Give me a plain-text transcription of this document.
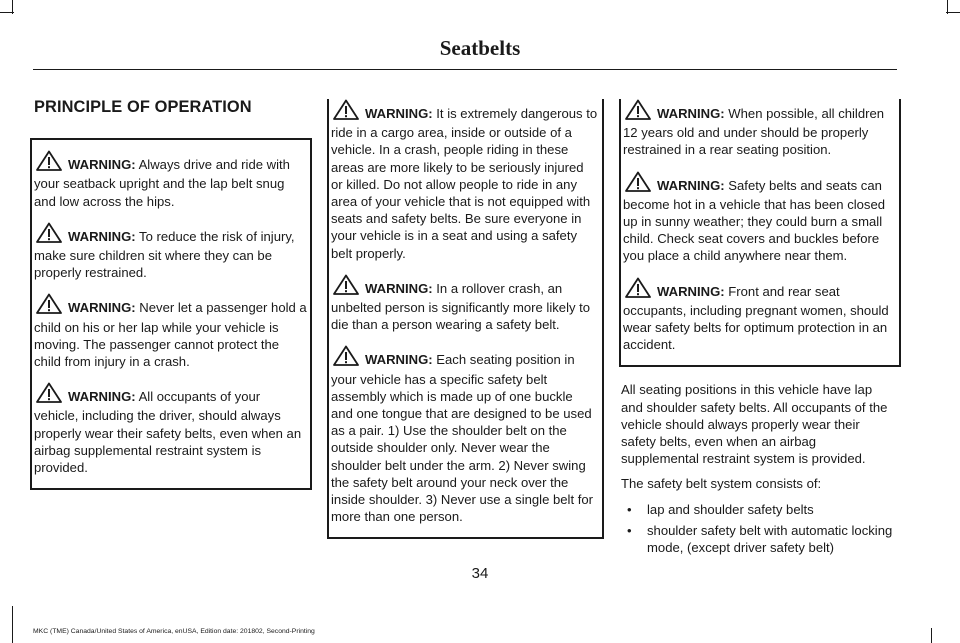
Seatbelts
PRINCIPLE OF OPERATION

WARNING: Always drive and ride with your seatback upright and the lap belt snug and low across the hips.

WARNING: To reduce the risk of injury, make sure children sit where they can be properly restrained.

WARNING: Never let a passenger hold a child on his or her lap while your vehicle is moving. The passenger cannot protect the child from injury in a crash.

WARNING: All occupants of your vehicle, including the driver, should always properly wear their safety belts, even when an airbag supplemental restraint system is provided.

WARNING: It is extremely dangerous to ride in a cargo area, inside or outside of a vehicle. In a crash, people riding in these areas are more likely to be seriously injured or killed. Do not allow people to ride in any area of your vehicle that is not equipped with seats and safety belts. Be sure everyone in your vehicle is in a seat and using a safety belt properly.

WARNING: In a rollover crash, an unbelted person is significantly more likely to die than a person wearing a safety belt.

WARNING: Each seating position in your vehicle has a specific safety belt assembly which is made up of one buckle and one tongue that are designed to be used as a pair. 1) Use the shoulder belt on the outside shoulder only. Never wear the shoulder belt under the arm. 2) Never swing the safety belt around your neck over the inside shoulder. 3) Never use a single belt for more than one person.

WARNING: When possible, all children 12 years old and under should be properly restrained in a rear seating position.

WARNING: Safety belts and seats can become hot in a vehicle that has been closed up in sunny weather; they could burn a small child. Check seat covers and buckles before you place a child anywhere near them.

WARNING: Front and rear seat occupants, including pregnant women, should wear safety belts for optimum protection in an accident.

All seating positions in this vehicle have lap and shoulder safety belts. All occupants of the vehicle should always properly wear their safety belts, even when an airbag supplemental restraint system is provided.

The safety belt system consists of:

• lap and shoulder safety belts
• shoulder safety belt with automatic locking mode, (except driver safety belt)
34
MKC (TME) Canada/United States of America, enUSA, Edition date: 201802, Second-Printing
